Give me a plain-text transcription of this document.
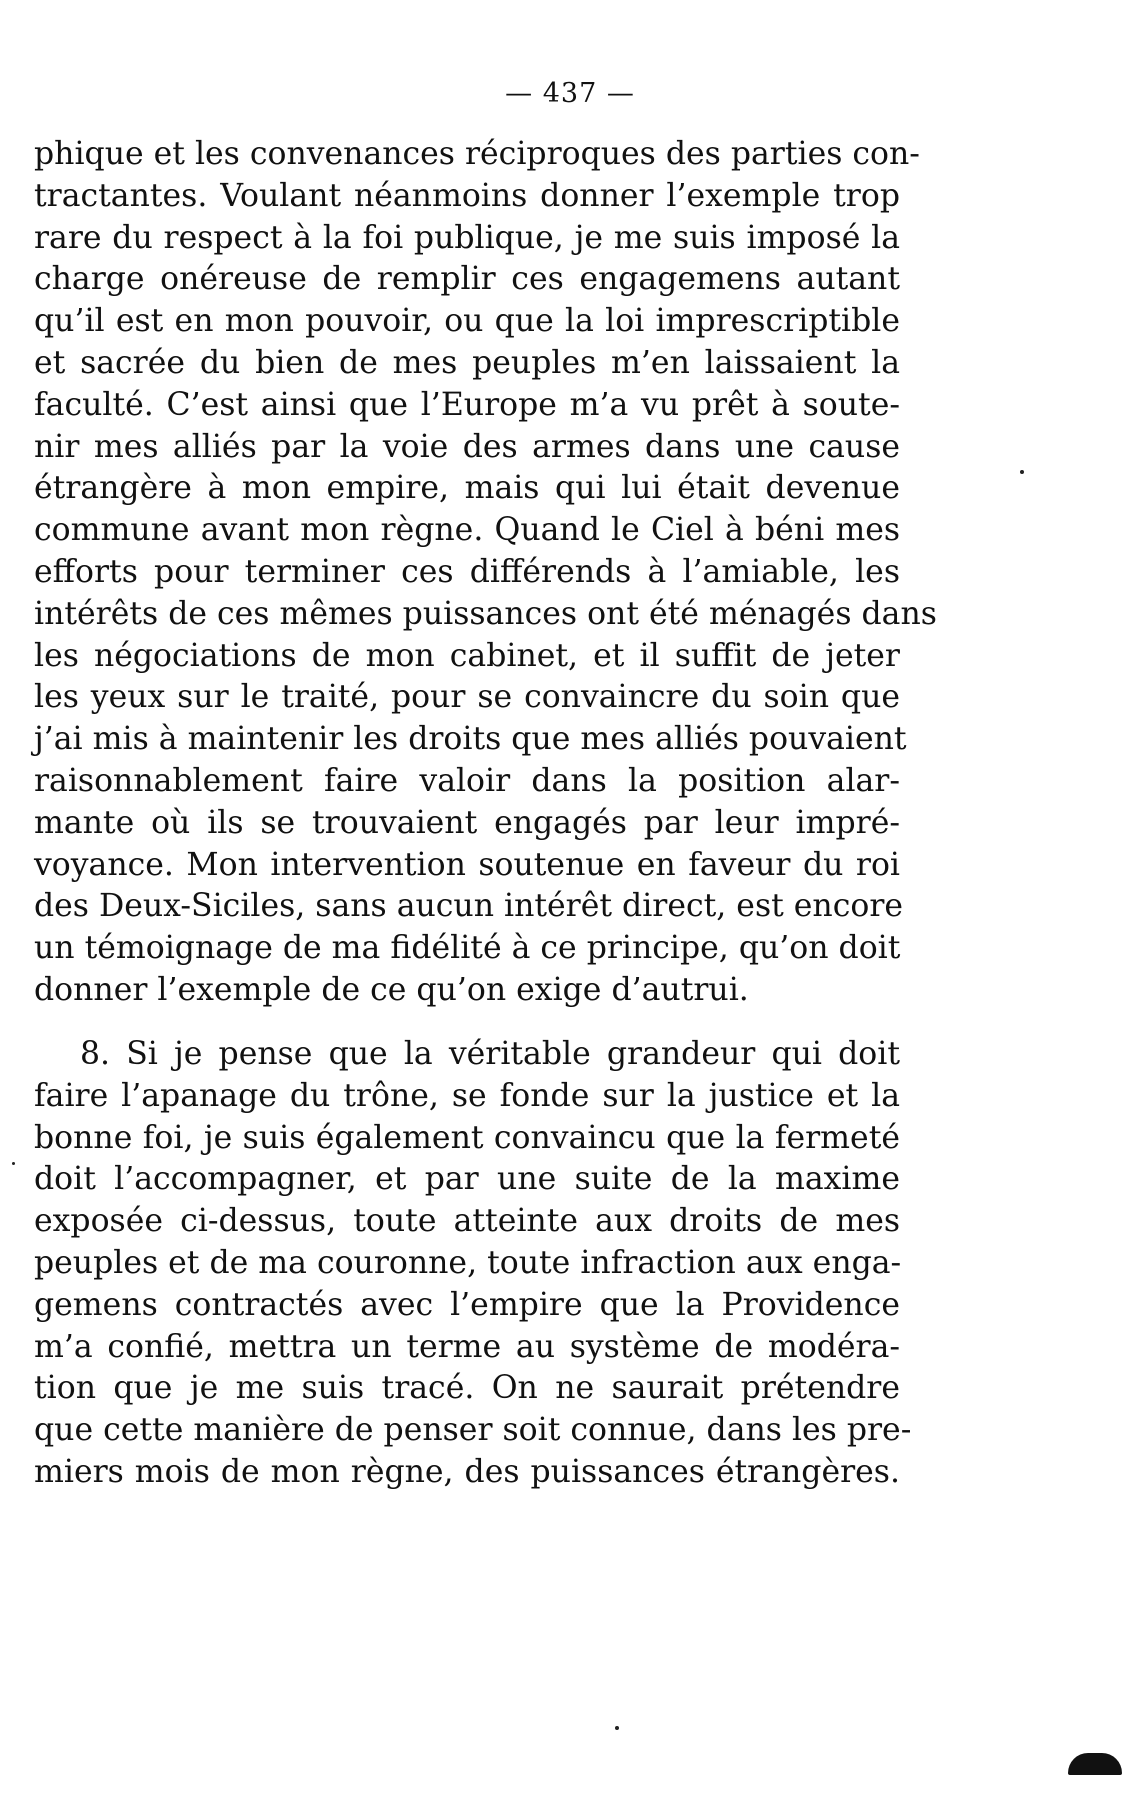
— 437 —
phique et les convenances réciproques des parties con-
tractantes. Voulant néanmoins donner l’exemple trop
rare du respect à la foi publique, je me suis imposé la
charge onéreuse de remplir ces engagemens autant
qu’il est en mon pouvoir, ou que la loi imprescriptible
et sacrée du bien de mes peuples m’en laissaient la
faculté. C’est ainsi que l’Europe m’a vu prêt à soute-
nir mes alliés par la voie des armes dans une cause
étrangère à mon empire, mais qui lui était devenue
commune avant mon règne. Quand le Ciel à béni mes
efforts pour terminer ces différends à l’amiable, les
intérêts de ces mêmes puissances ont été ménagés dans
les négociations de mon cabinet, et il suffit de jeter
les yeux sur le traité, pour se convaincre du soin que
j’ai mis à maintenir les droits que mes alliés pouvaient
raisonnablement faire valoir dans la position alar-
mante où ils se trouvaient engagés par leur impré-
voyance. Mon intervention soutenue en faveur du roi
des Deux-Siciles, sans aucun intérêt direct, est encore
un témoignage de ma fidélité à ce principe, qu’on doit
donner l’exemple de ce qu’on exige d’autrui.
8. Si je pense que la véritable grandeur qui doit
faire l’apanage du trône, se fonde sur la justice et la
bonne foi, je suis également convaincu que la fermeté
doit l’accompagner, et par une suite de la maxime
exposée ci-dessus, toute atteinte aux droits de mes
peuples et de ma couronne, toute infraction aux enga-
gemens contractés avec l’empire que la Providence
m’a confié, mettra un terme au système de modéra-
tion que je me suis tracé. On ne saurait prétendre
que cette manière de penser soit connue, dans les pre-
miers mois de mon règne, des puissances étrangères.
